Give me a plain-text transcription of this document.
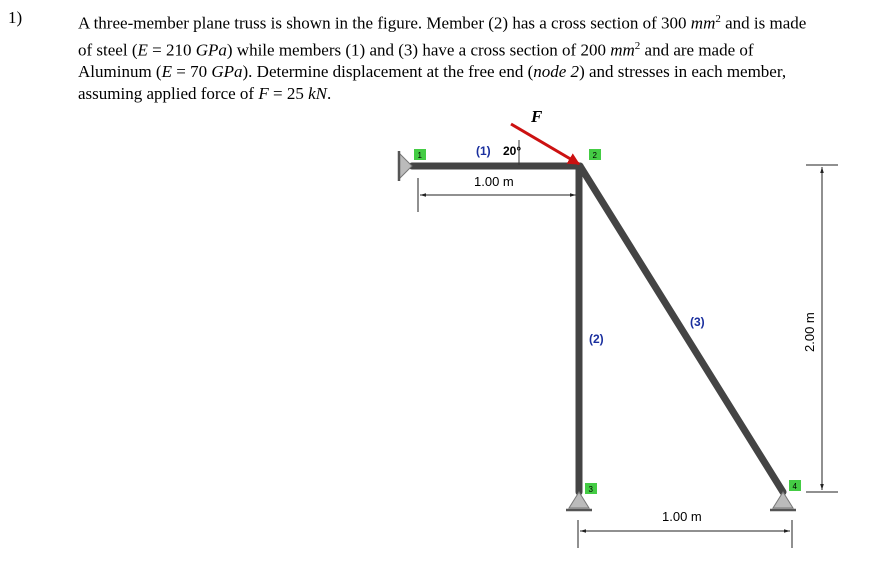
1)	A three-member plane truss is shown in the figure. Member (2) has a cross section of 300 $mm^2$ and is made
of steel (E = 210 GPa) while members (1) and (3) have a cross section of 200 $mm^2$ and are made of
Aluminum (E = 70 GPa). Determine displacement at the free end (node 2) and stresses in each member,
assuming applied force of F = 25 kN.
1.00 m
1.00 m
2.00 m
1	2
3	4
(1)
(2)
(3)
20°
F
